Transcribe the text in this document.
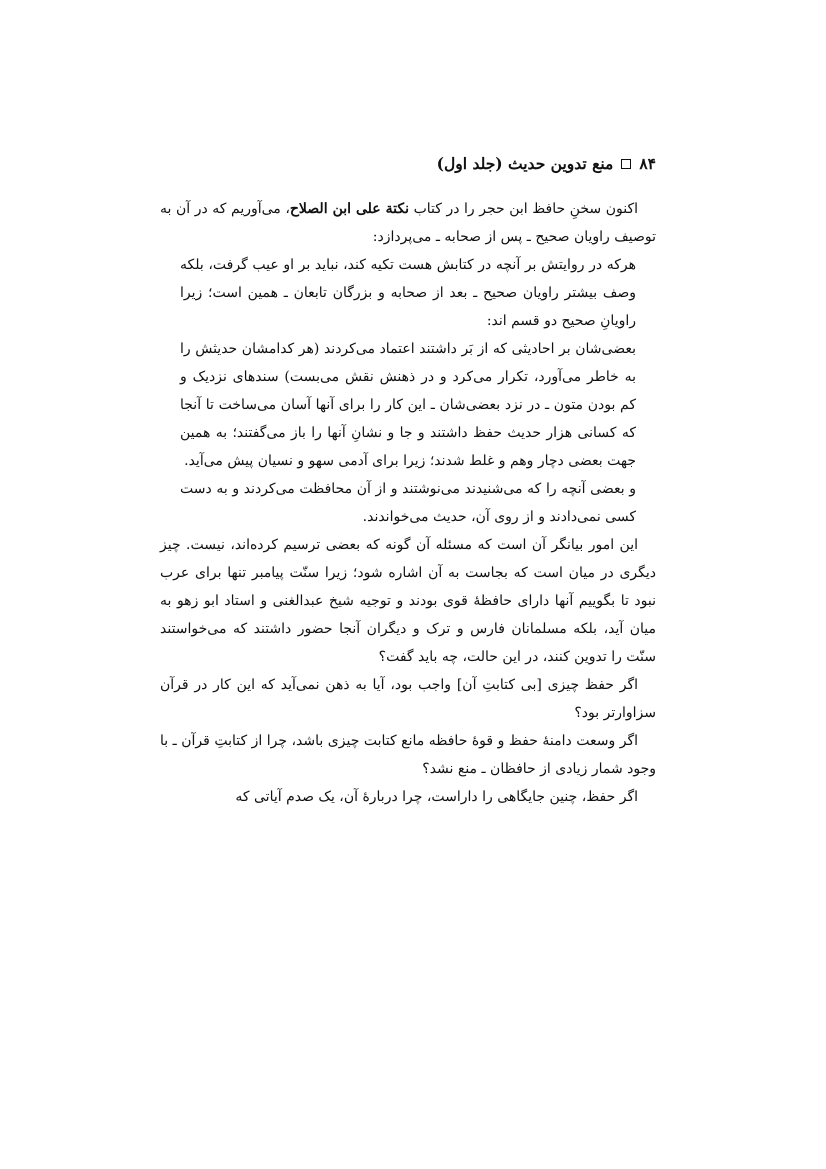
۸۴
منع تدوین حدیث (جلد اول)

اکنون سخنِ حافظ ابن حجر را در کتاب نکتة علی ابن الصلاح، می‌آوریم که در آن به توصیف راویان صحیح ـ پس از صحابه ـ می‌پردازد:

هرکه در روایتش بر آنچه در کتابش هست تکیه کند، نباید بر او عیب گرفت، بلکه وصف بیشتر راویان صحیح ـ بعد از صحابه و بزرگان تابعان ـ همین است؛ زیرا راویانِ صحیح دو قسم اند:

بعضی‌شان بر احادیثی که از بَر داشتند اعتماد می‌کردند (هر کدامشان حدیثش را به خاطر می‌آورد، تکرار می‌کرد و در ذهنش نقش می‌بست) سندهای نزدیک و کم بودن متون ـ در نزد بعضی‌شان ـ این کار را برای آنها آسان می‌ساخت تا آنجا که کسانی هزار حدیث حفظ داشتند و جا و نشانِ آنها را باز می‌گفتند؛ به همین جهت بعضی دچار وهم و غلط شدند؛ زیرا برای آدمی سهو و نسیان پیش می‌آید.

و بعضی آنچه را که می‌شنیدند می‌نوشتند و از آن محافظت می‌کردند و به دست کسی نمی‌دادند و از روی آن، حدیث می‌خواندند.

این امور بیانگر آن است که مسئله آن گونه که بعضی ترسیم کرده‌اند، نیست. چیز دیگری در میان است که بجاست به آن اشاره شود؛ زیرا سنّت پیامبر تنها برای عرب نبود تا بگوییم آنها دارای حافظهٔ قوی بودند و توجیه شیخ عبدالغنی و استاد ابو زهو به میان آید، بلکه مسلمانان فارس و ترک و دیگران آنجا حضور داشتند که می‌خواستند سنّت را تدوین کنند، در این حالت، چه باید گفت؟

اگر حفظ چیزی [بی کتابتِ آن] واجب بود، آیا به ذهن نمی‌آید که این کار در قرآن سزاوارتر بود؟

اگر وسعت دامنهٔ حفظ و قوهٔ حافظه مانع کتابت چیزی باشد، چرا از کتابتِ قرآن ـ با وجود شمار زیادی از حافظان ـ منع نشد؟

اگر حفظ، چنین جایگاهی را داراست، چرا دربارهٔ آن، یک صدم آیاتی که
